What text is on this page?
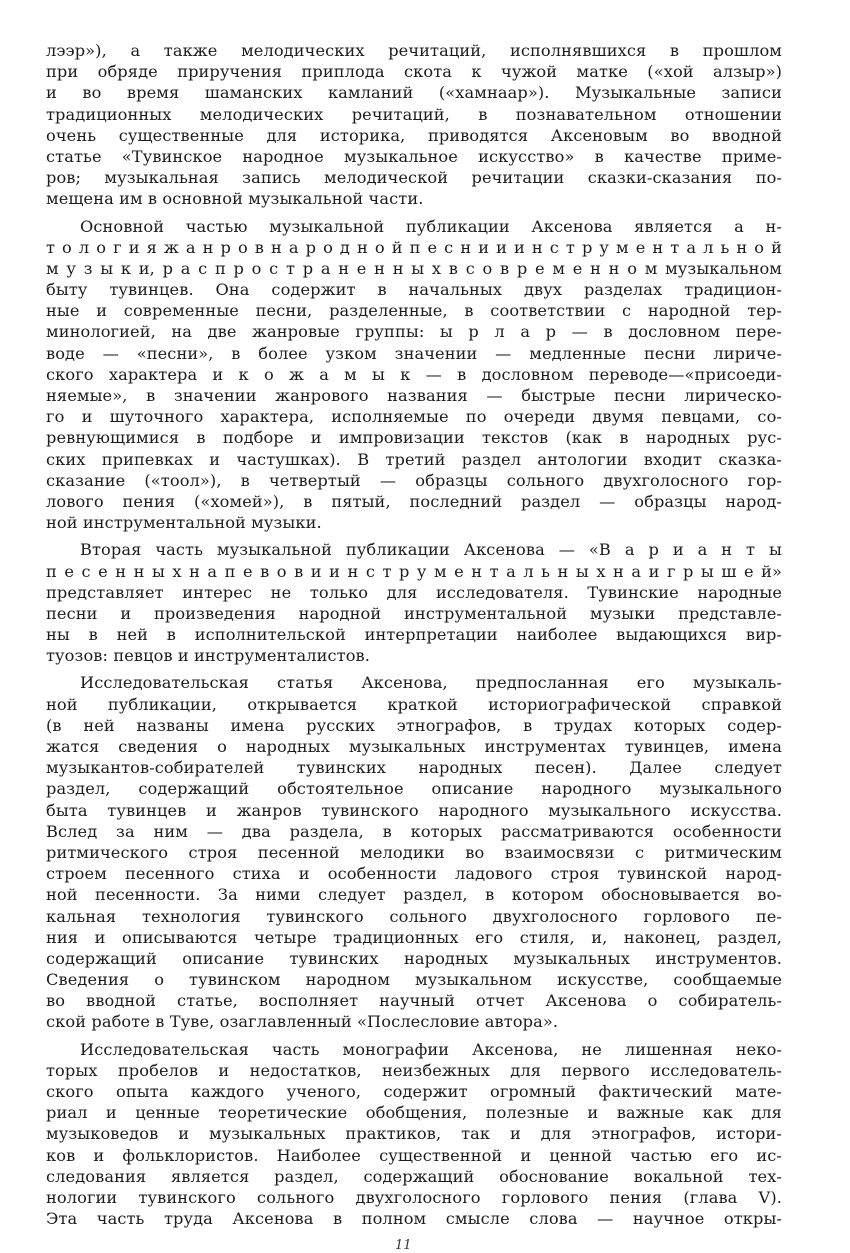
лээр»), а также мелодических речитаций, исполнявшихся в прошлом
при обряде приручения приплода скота к чужой матке («хой алзыр»)
и во время шаманских камланий («хамнаар»). Музыкальные записи
традиционных мелодических речитаций, в познавательном отношении
очень существенные для историка, приводятся Аксеновым во вводной
статье «Тувинское народное музыкальное искусство» в качестве приме-
ров; музыкальная запись мелодической речитации сказки-сказания по-
мещена им в основной музыкальной части.
Основной частью музыкальной публикации Аксенова является а н-
т о л о г и я ж а н р о в н а р о д н о й п е с н и и и н с т р у м е н т а л ь н о й
м у з ы к и, р а с п р о с т р а н е н н ы х в с о в р е м е н н о м музыкальном
быту тувинцев. Она содержит в начальных двух разделах традицион-
ные и современные песни, разделенные, в соответствии с народной тер-
минологией, на две жанровые группы: ы р л а р — в дословном пере-
воде — «песни», в более узком значении — медленные песни лириче-
ского характера и к о ж а м ы к — в дословном переводе—«присоеди-
няемые», в значении жанрового названия — быстрые песни лирическо-
го и шуточного характера, исполняемые по очереди двумя певцами, со-
ревнующимися в подборе и импровизации текстов (как в народных рус-
ских припевках и частушках). В третий раздел антологии входит сказка-
сказание («тоол»), в четвертый — образцы сольного двухголосного гор-
лового пения («хомей»), в пятый, последний раздел — образцы народ-
ной инструментальной музыки.
Вторая часть музыкальной публикации Аксенова — «В а р и а н т ы
п е с е н н ы х н а п е в о в и и н с т р у м е н т а л ь н ы х н а и г р ы ш е й»
представляет интерес не только для исследователя. Тувинские народные
песни и произведения народной инструментальной музыки представле-
ны в ней в исполнительской интерпретации наиболее выдающихся вир-
туозов: певцов и инструменталистов.
Исследовательская статья Аксенова, предпосланная его музыкаль-
ной публикации, открывается краткой историографической справкой
(в ней названы имена русских этнографов, в трудах которых содер-
жатся сведения о народных музыкальных инструментах тувинцев, имена
музыкантов-собирателей тувинских народных песен). Далее следует
раздел, содержащий обстоятельное описание народного музыкального
быта тувинцев и жанров тувинского народного музыкального искусства.
Вслед за ним — два раздела, в которых рассматриваются особенности
ритмического строя песенной мелодики во взаимосвязи с ритмическим
строем песенного стиха и особенности ладового строя тувинской народ-
ной песенности. За ними следует раздел, в котором обосновывается во-
кальная технология тувинского сольного двухголосного горлового пе-
ния и описываются четыре традиционных его стиля, и, наконец, раздел,
содержащий описание тувинских народных музыкальных инструментов.
Сведения о тувинском народном музыкальном искусстве, сообщаемые
во вводной статье, восполняет научный отчет Аксенова о собиратель-
ской работе в Туве, озаглавленный «Послесловие автора».
Исследовательская часть монографии Аксенова, не лишенная неко-
торых пробелов и недостатков, неизбежных для первого исследователь-
ского опыта каждого ученого, содержит огромный фактический мате-
риал и ценные теоретические обобщения, полезные и важные как для
музыковедов и музыкальных практиков, так и для этнографов, истори-
ков и фольклористов. Наиболее существенной и ценной частью его ис-
следования является раздел, содержащий обоснование вокальной тех-
нологии тувинского сольного двухголосного горлового пения (глава V).
Эта часть труда Аксенова в полном смысле слова — научное откры-
11
